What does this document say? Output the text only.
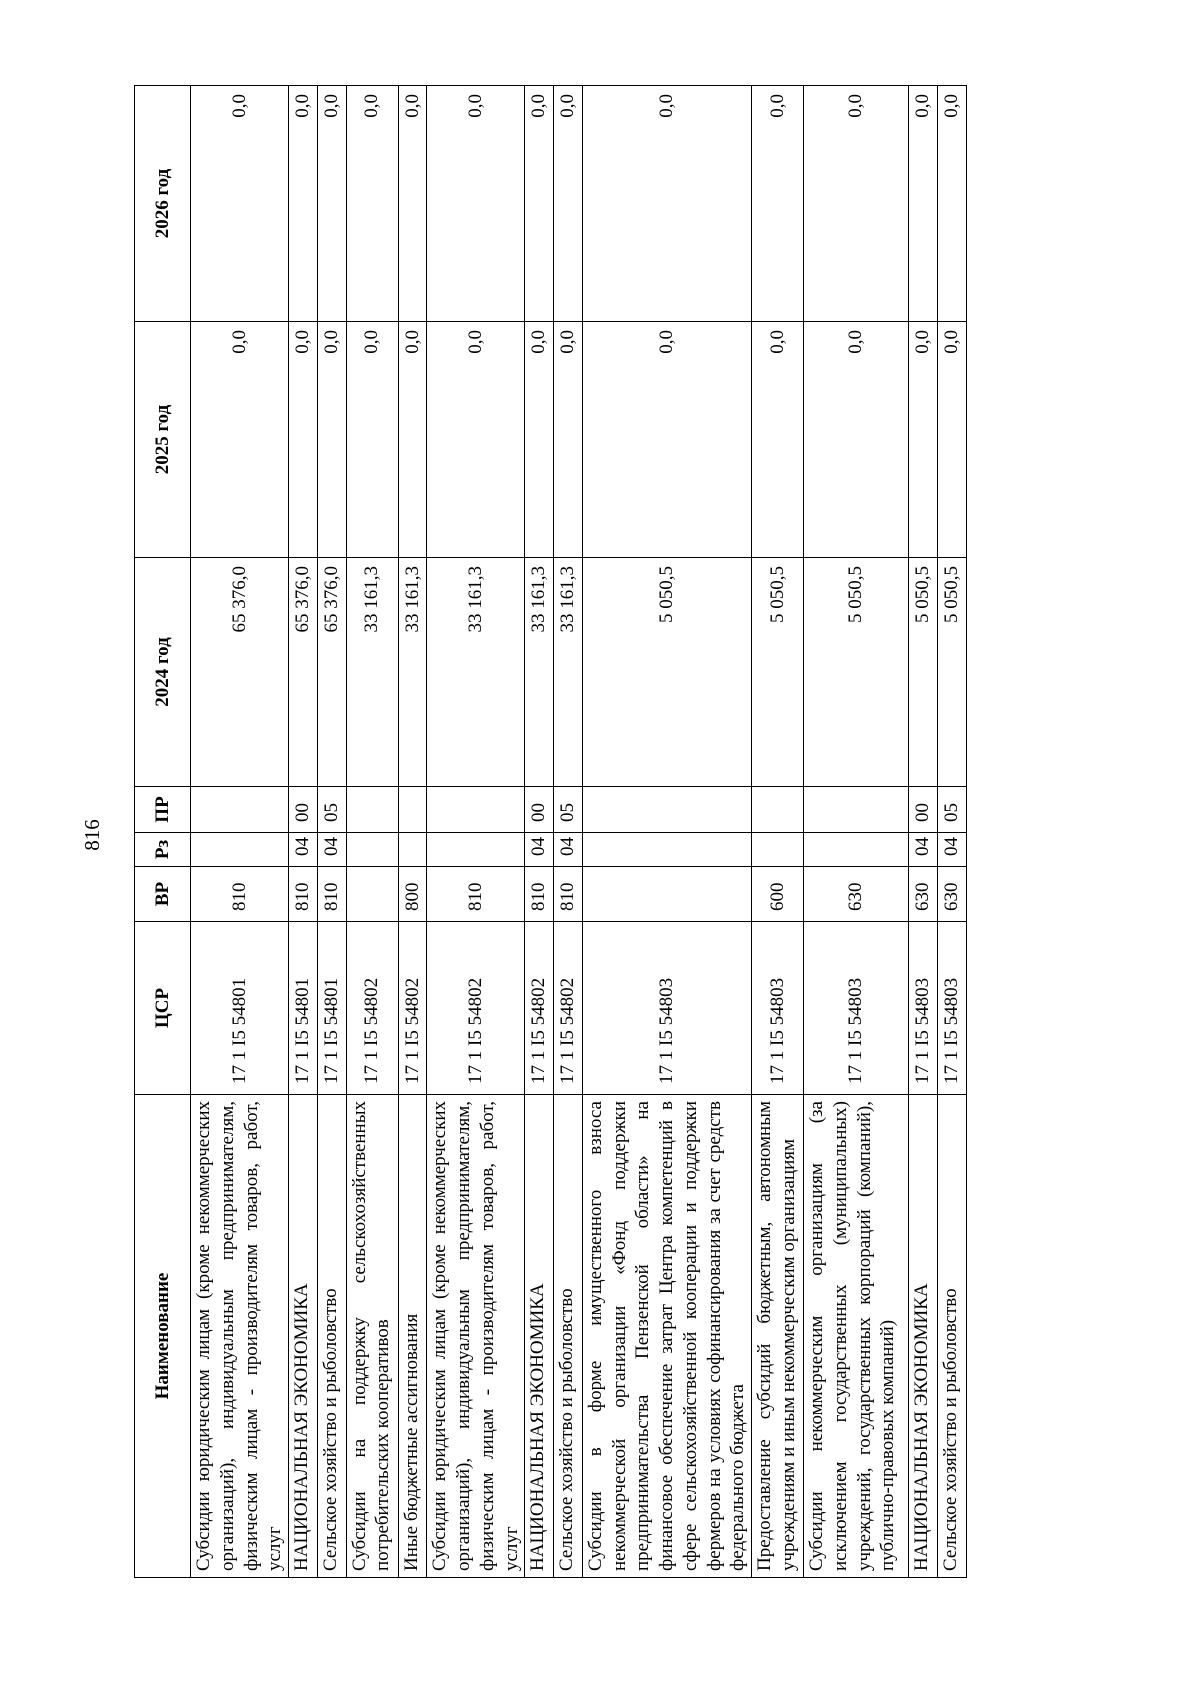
816
Наименование	ЦСР	ВР	Рз	ПР	2024 год	2025 год	2026 год
Субсидии юридическим лицам (кроме некоммерческих организаций), индивидуальным предпринимателям, физическим лицам - производителям товаров, работ, услуг	17 1 I5 54801	810			65 376,0	0,0	0,0
НАЦИОНАЛЬНАЯ ЭКОНОМИКА	17 1 I5 54801	810	04	00	65 376,0	0,0	0,0
Сельское хозяйство и рыболовство	17 1 I5 54801	810	04	05	65 376,0	0,0	0,0
Субсидии на поддержку сельскохозяйственных потребительских кооперативов	17 1 I5 54802				33 161,3	0,0	0,0
Иные бюджетные ассигнования	17 1 I5 54802	800			33 161,3	0,0	0,0
Субсидии юридическим лицам (кроме некоммерческих организаций), индивидуальным предпринимателям, физическим лицам - производителям товаров, работ, услуг	17 1 I5 54802	810			33 161,3	0,0	0,0
НАЦИОНАЛЬНАЯ ЭКОНОМИКА	17 1 I5 54802	810	04	00	33 161,3	0,0	0,0
Сельское хозяйство и рыболовство	17 1 I5 54802	810	04	05	33 161,3	0,0	0,0
Субсидии в форме имущественного взноса некоммерческой организации «Фонд поддержки предпринимательства Пензенской области» на финансовое обеспечение затрат Центра компетенций в сфере сельскохозяйственной кооперации и поддержки фермеров на условиях софинансирования за счет средств федерального бюджета	17 1 I5 54803				5 050,5	0,0	0,0
Предоставление субсидий бюджетным, автономным учреждениям и иным некоммерческим организациям	17 1 I5 54803	600			5 050,5	0,0	0,0
Субсидии некоммерческим организациям (за исключением государственных (муниципальных) учреждений, государственных корпораций (компаний), публично-правовых компаний)	17 1 I5 54803	630			5 050,5	0,0	0,0
НАЦИОНАЛЬНАЯ ЭКОНОМИКА	17 1 I5 54803	630	04	00	5 050,5	0,0	0,0
Сельское хозяйство и рыболовство	17 1 I5 54803	630	04	05	5 050,5	0,0	0,0
